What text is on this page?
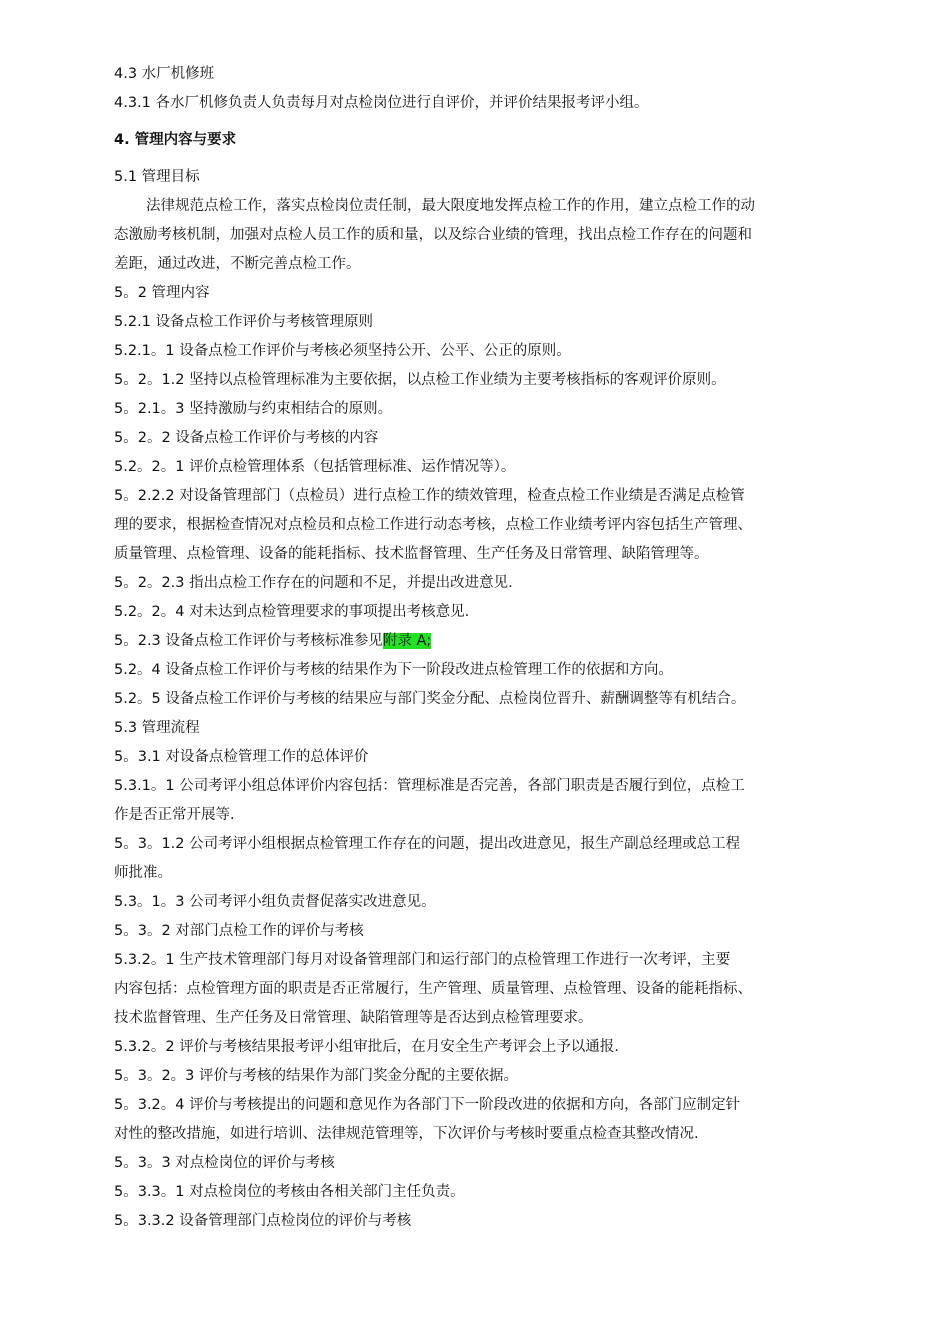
4.3 水厂机修班

4.3.1 各水厂机修负责人负责每月对点检岗位进行自评价，并评价结果报考评小组。

4. 管理内容与要求

5.1 管理目标

法律规范点检工作，落实点检岗位责任制，最大限度地发挥点检工作的作用，建立点检工作的动

态激励考核机制，加强对点检人员工作的质和量，以及综合业绩的管理，找出点检工作存在的问题和

差距，通过改进，不断完善点检工作。

5。2 管理内容

5.2.1 设备点检工作评价与考核管理原则

5.2.1。1 设备点检工作评价与考核必须坚持公开、公平、公正的原则。

5。2。1.2 坚持以点检管理标准为主要依据，以点检工作业绩为主要考核指标的客观评价原则。

5。2.1。3 坚持激励与约束相结合的原则。

5。2。2 设备点检工作评价与考核的内容

5.2。2。1 评价点检管理体系（包括管理标准、运作情况等）。

5。2.2.2 对设备管理部门（点检员）进行点检工作的绩效管理，检查点检工作业绩是否满足点检管

理的要求，根据检查情况对点检员和点检工作进行动态考核，点检工作业绩考评内容包括生产管理、

质量管理、点检管理、设备的能耗指标、技术监督管理、生产任务及日常管理、缺陷管理等。

5。2。2.3 指出点检工作存在的问题和不足，并提出改进意见.

5.2。2。4 对未达到点检管理要求的事项提出考核意见.

5。2.3 设备点检工作评价与考核标准参见附录 A;

5.2。4 设备点检工作评价与考核的结果作为下一阶段改进点检管理工作的依据和方向。

5.2。5 设备点检工作评价与考核的结果应与部门奖金分配、点检岗位晋升、薪酬调整等有机结合。

5.3 管理流程

5。3.1 对设备点检管理工作的总体评价

5.3.1。1 公司考评小组总体评价内容包括：管理标准是否完善，各部门职责是否履行到位，点检工

作是否正常开展等.

5。3。1.2 公司考评小组根据点检管理工作存在的问题，提出改进意见，报生产副总经理或总工程

师批准。

5.3。1。3 公司考评小组负责督促落实改进意见。

5。3。2 对部门点检工作的评价与考核

5.3.2。1 生产技术管理部门每月对设备管理部门和运行部门的点检管理工作进行一次考评，主要

内容包括：点检管理方面的职责是否正常履行，生产管理、质量管理、点检管理、设备的能耗指标、

技术监督管理、生产任务及日常管理、缺陷管理等是否达到点检管理要求。

5.3.2。2 评价与考核结果报考评小组审批后，在月安全生产考评会上予以通报.

5。3。2。3 评价与考核的结果作为部门奖金分配的主要依据。

5。3.2。4 评价与考核提出的问题和意见作为各部门下一阶段改进的依据和方向，各部门应制定针

对性的整改措施，如进行培训、法律规范管理等，下次评价与考核时要重点检查其整改情况.

5。3。3 对点检岗位的评价与考核

5。3.3。1 对点检岗位的考核由各相关部门主任负责。

5。3.3.2 设备管理部门点检岗位的评价与考核
